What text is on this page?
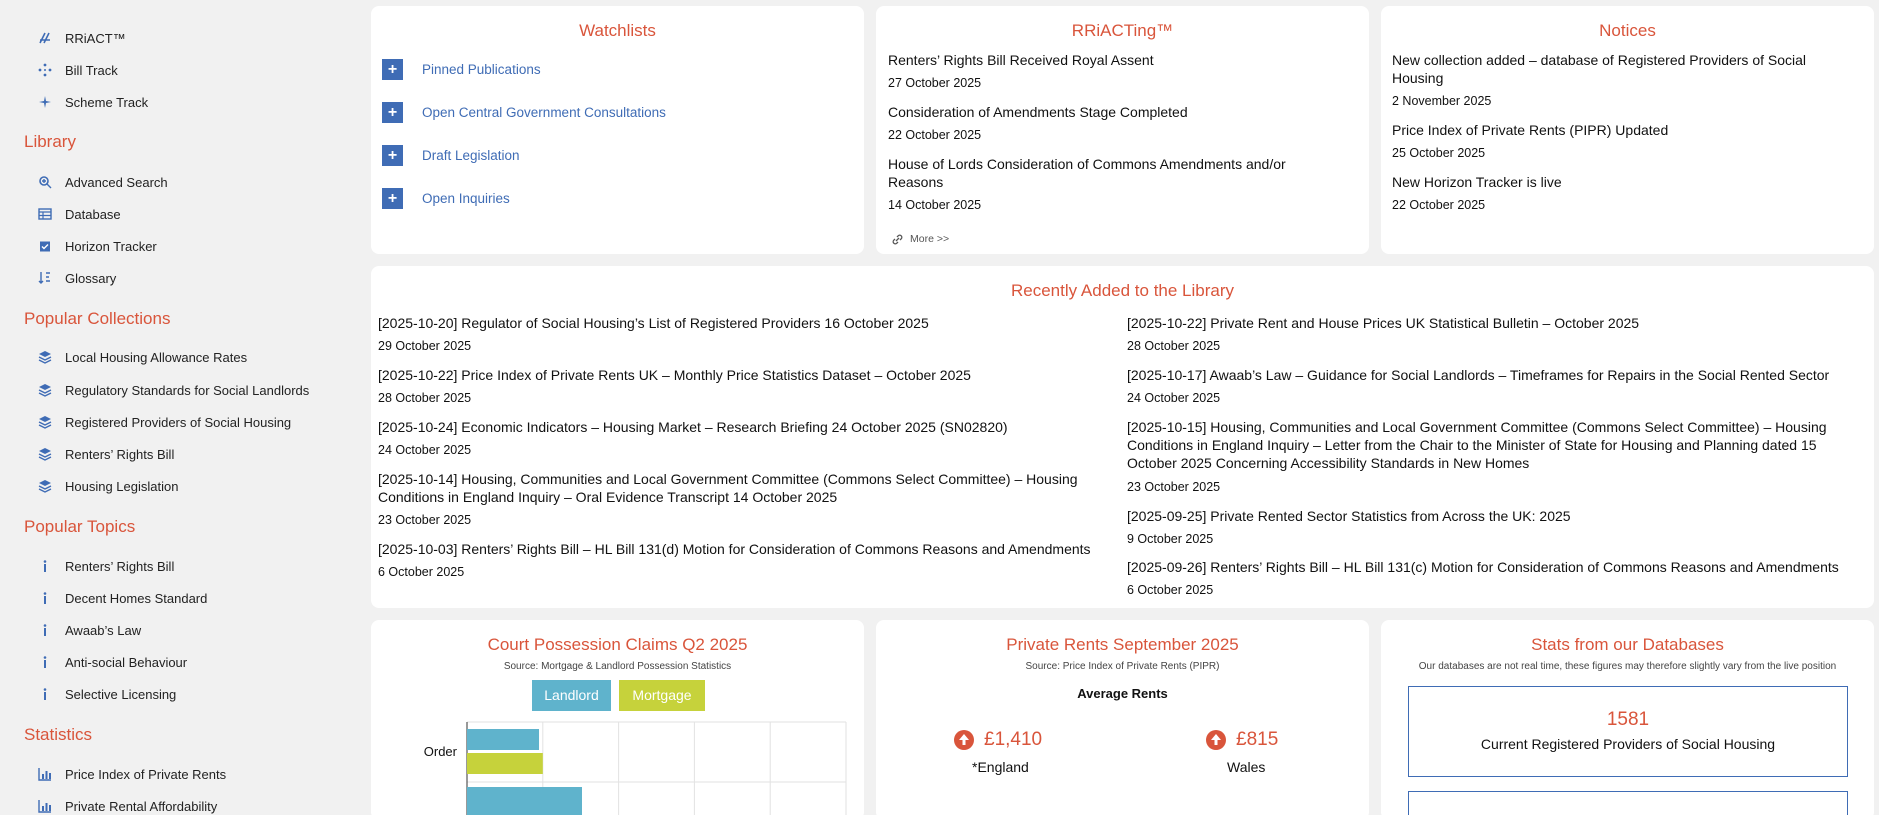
RRiACT™
Bill Track
Scheme Track
Library
Advanced Search
Database
Horizon Tracker
Glossary
Popular Collections
Local Housing Allowance Rates
Regulatory Standards for Social Landlords
Registered Providers of Social Housing
Renters’ Rights Bill
Housing Legislation
Popular Topics
Renters’ Rights Bill
Decent Homes Standard
Awaab’s Law
Anti-social Behaviour
Selective Licensing
Statistics
Price Index of Private Rents
Private Rental Affordability
Watchlists
+	Pinned Publications
+	Open Central Government Consultations
+	Draft Legislation
+	Open Inquiries
RRiACTing™
Renters’ Rights Bill Received Royal Assent
27 October 2025
Consideration of Amendments Stage Completed
22 October 2025
House of Lords Consideration of Commons Amendments and/or Reasons
14 October 2025
More >>
Notices
New collection added – database of Registered Providers of Social Housing
2 November 2025
Price Index of Private Rents (PIPR) Updated
25 October 2025
New Horizon Tracker is live
22 October 2025
Recently Added to the Library
[2025-10-20] Regulator of Social Housing’s List of Registered Providers 16 October 2025
29 October 2025
[2025-10-22] Price Index of Private Rents UK – Monthly Price Statistics Dataset – October 2025
28 October 2025
[2025-10-24] Economic Indicators – Housing Market – Research Briefing 24 October 2025 (SN02820)
24 October 2025
[2025-10-14] Housing, Communities and Local Government Committee (Commons Select Committee) – Housing Conditions in England Inquiry – Oral Evidence Transcript 14 October 2025
23 October 2025
[2025-10-03] Renters’ Rights Bill – HL Bill 131(d) Motion for Consideration of Commons Reasons and Amendments
6 October 2025
[2025-10-22] Private Rent and House Prices UK Statistical Bulletin – October 2025
28 October 2025
[2025-10-17] Awaab’s Law – Guidance for Social Landlords – Timeframes for Repairs in the Social Rented Sector
24 October 2025
[2025-10-15] Housing, Communities and Local Government Committee (Commons Select Committee) – Housing Conditions in England Inquiry – Letter from the Chair to the Minister of State for Housing and Planning dated 15 October 2025 Concerning Accessibility Standards in New Homes
23 October 2025
[2025-09-25] Private Rented Sector Statistics from Across the UK: 2025
9 October 2025
[2025-09-26] Renters’ Rights Bill – HL Bill 131(c) Motion for Consideration of Commons Reasons and Amendments
6 October 2025
Court Possession Claims Q2 2025
Source: Mortgage & Landlord Possession Statistics
Landlord	Mortgage
Order
Private Rents September 2025
Source: Price Index of Private Rents (PIPR)
Average Rents
£1,410
*England
£815
Wales
Stats from our Databases
Our databases are not real time, these figures may therefore slightly vary from the live position
1581
Current Registered Providers of Social Housing
